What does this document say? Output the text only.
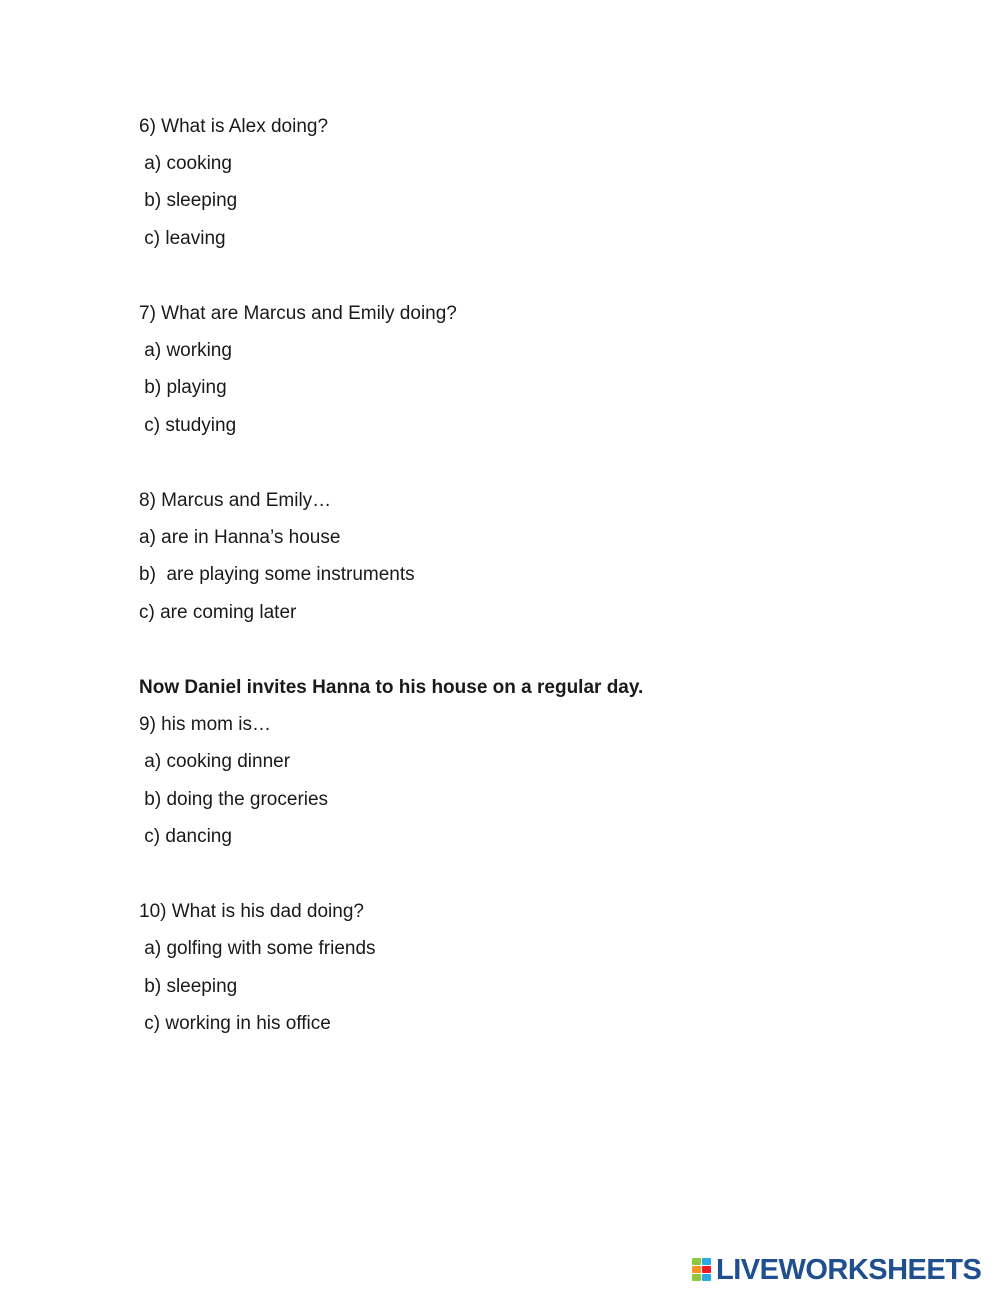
6) What is Alex doing?

a) cooking

b) sleeping

c) leaving

7) What are Marcus and Emily doing?

a) working

b) playing

c) studying

8) Marcus and Emily…

a) are in Hanna’s house

b)  are playing some instruments

c) are coming later

Now Daniel invites Hanna to his house on a regular day.

9) his mom is…

a) cooking dinner

b) doing the groceries

c) dancing

10) What is his dad doing?

a) golfing with some friends

b) sleeping

c) working in his office

LIVEWORKSHEETS
